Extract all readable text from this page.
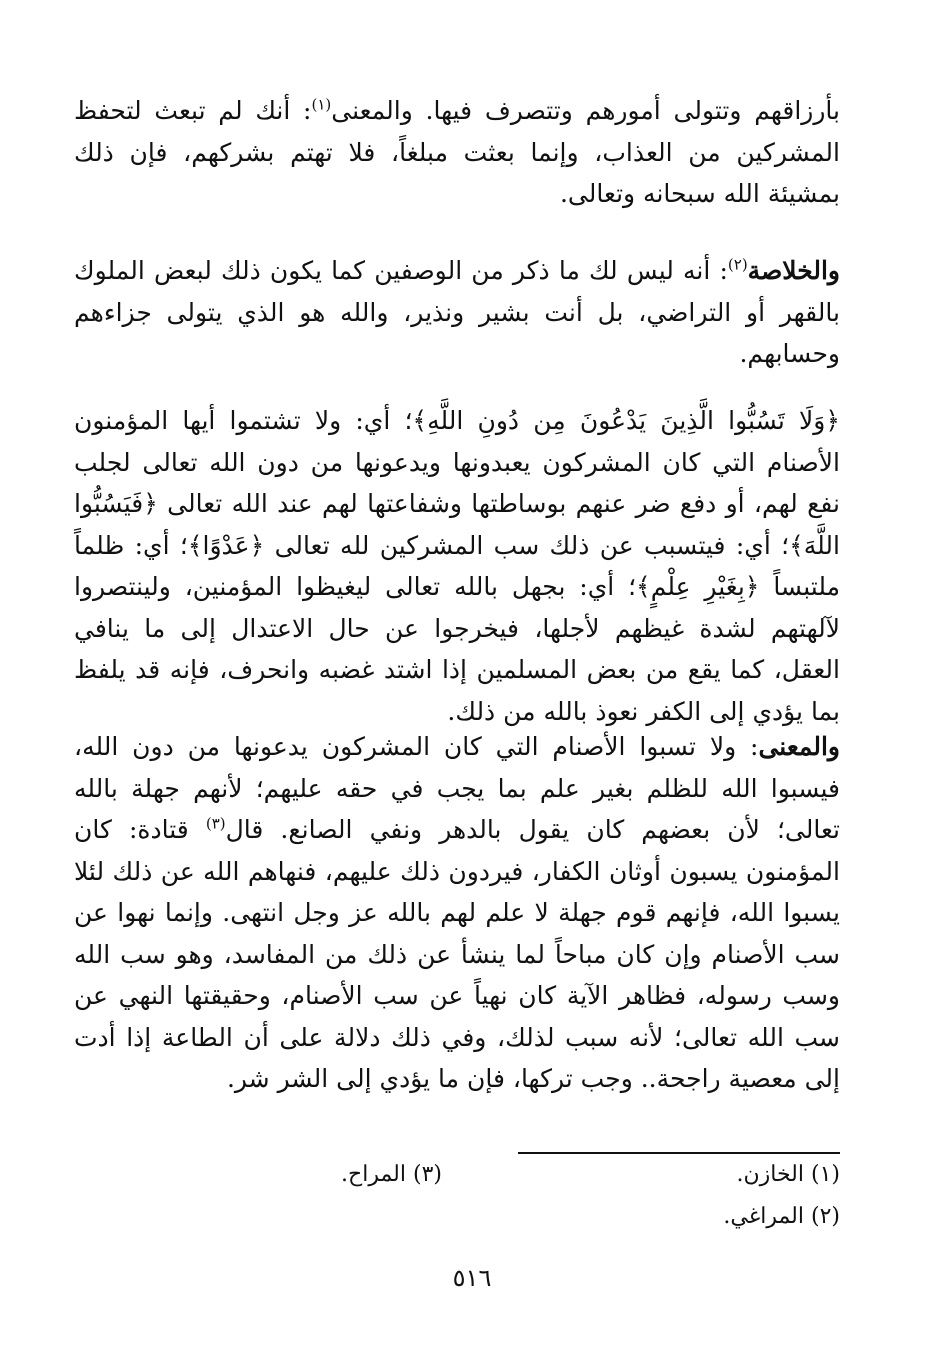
بأرزاقهم وتتولى أمورهم وتتصرف فيها. والمعنى$^{(١)}$: أنك لم تبعث لتحفظ المشركين من العذاب، وإنما بعثت مبلغاً، فلا تهتم بشركهم، فإن ذلك بمشيئة الله سبحانه وتعالى.

والخلاصة$^{(٢)}$: أنه ليس لك ما ذكر من الوصفين كما يكون ذلك لبعض الملوك بالقهر أو التراضي، بل أنت بشير ونذير، والله هو الذي يتولى جزاءهم وحسابهم.

﴿وَلَا تَسُبُّوا الَّذِينَ يَدْعُونَ مِن دُونِ اللَّهِ﴾؛ أي: ولا تشتموا أيها المؤمنون الأصنام التي كان المشركون يعبدونها ويدعونها من دون الله تعالى لجلب نفع لهم، أو دفع ضر عنهم بوساطتها وشفاعتها لهم عند الله تعالى ﴿فَيَسُبُّوا اللَّهَ﴾؛ أي: فيتسبب عن ذلك سب المشركين لله تعالى ﴿عَدْوًا﴾؛ أي: ظلماً ملتبساً ﴿بِغَيْرِ عِلْمٍ﴾؛ أي: بجهل بالله تعالى ليغيظوا المؤمنين، ولينتصروا لآلهتهم لشدة غيظهم لأجلها، فيخرجوا عن حال الاعتدال إلى ما ينافي العقل، كما يقع من بعض المسلمين إذا اشتد غضبه وانحرف، فإنه قد يلفظ بما يؤدي إلى الكفر نعوذ بالله من ذلك.

والمعنى: ولا تسبوا الأصنام التي كان المشركون يدعونها من دون الله، فيسبوا الله للظلم بغير علم بما يجب في حقه عليهم؛ لأنهم جهلة بالله تعالى؛ لأن بعضهم كان يقول بالدهر ونفي الصانع. قال$^{(٣)}$ قتادة: كان المؤمنون يسبون أوثان الكفار، فيردون ذلك عليهم، فنهاهم الله عن ذلك لئلا يسبوا الله، فإنهم قوم جهلة لا علم لهم بالله عز وجل انتهى. وإنما نهوا عن سب الأصنام وإن كان مباحاً لما ينشأ عن ذلك من المفاسد، وهو سب الله وسب رسوله، فظاهر الآية كان نهياً عن سب الأصنام، وحقيقتها النهي عن سب الله تعالى؛ لأنه سبب لذلك، وفي ذلك دلالة على أن الطاعة إذا أدت إلى معصية راجحة.. وجب تركها، فإن ما يؤدي إلى الشر شر.

(١) الخازن.
(٢) المراغي.
(٣) المراح.
٥١٦
